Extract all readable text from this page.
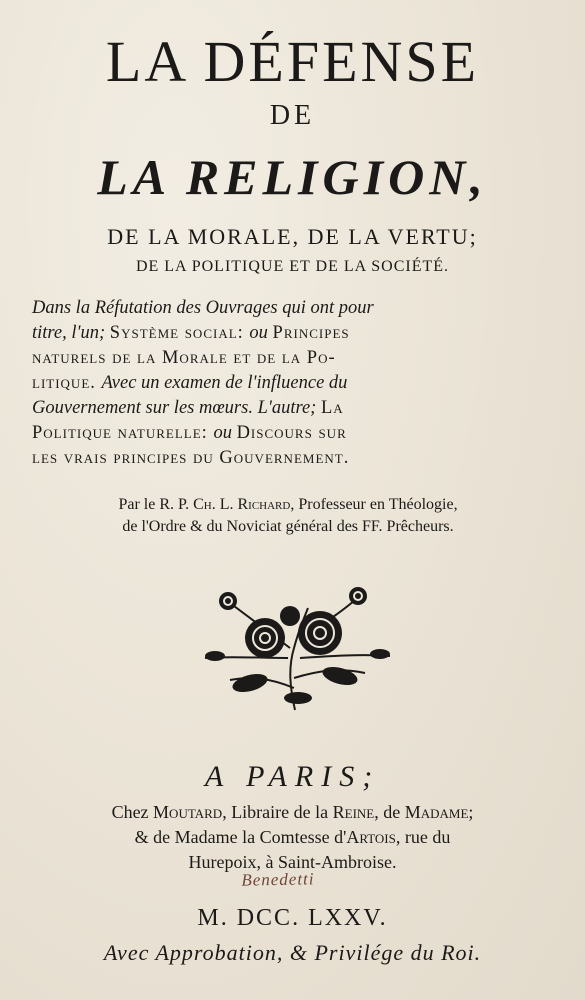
LA DÉFENSE
DE
LA RELIGION,
DE LA MORALE, DE LA VERTU;
DE LA POLITIQUE ET DE LA SOCIÉTÉ.
Dans la Réfutation des Ouvrages qui ont pour
titre, l'un; Système social: ou Principes
naturels de la Morale et de la Po-
litique. Avec un examen de l'influence du
Gouvernement sur les mœurs. L'autre; La
Politique naturelle: ou Discours sur
les vrais principes du Gouvernement.
Par le R. P. Ch. L. Richard, Professeur en Théologie,
de l'Ordre & du Noviciat général des FF. Prêcheurs.
A PARIS;
Chez Moutard, Libraire de la Reine, de Madame;
& de Madame la Comtesse d'Artois, rue du
Hurepoix, à Saint-Ambroise.
Benedetti
M. DCC. LXXV.
Avec Approbation, & Privilége du Roi.
